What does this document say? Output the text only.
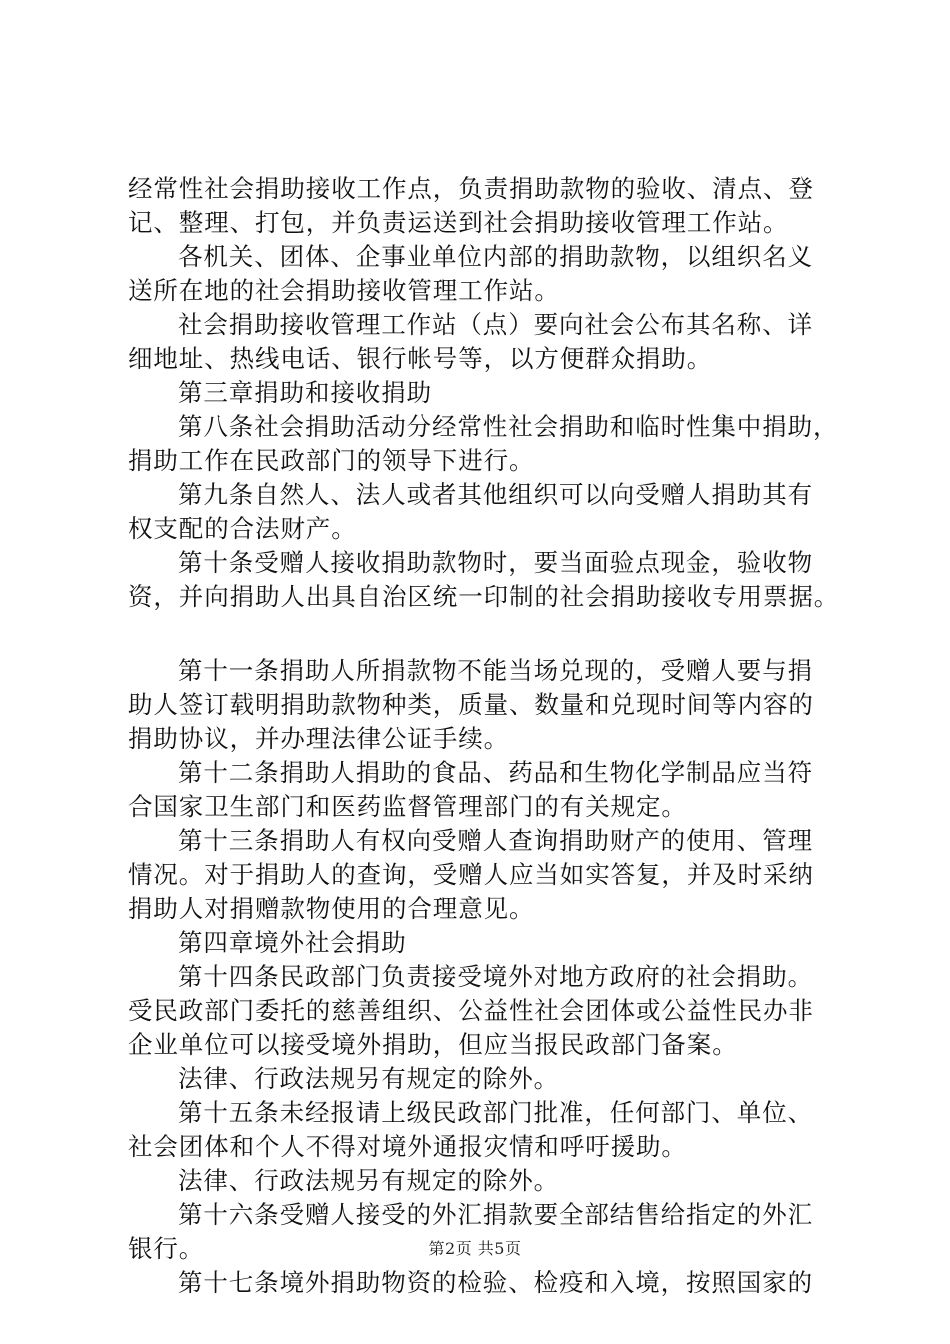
经常性社会捐助接收工作点，负责捐助款物的验收、清点、登
记、整理、打包，并负责运送到社会捐助接收管理工作站。
各机关、团体、企事业单位内部的捐助款物，以组织名义
送所在地的社会捐助接收管理工作站。
社会捐助接收管理工作站（点）要向社会公布其名称、详
细地址、热线电话、银行帐号等，以方便群众捐助。
第三章捐助和接收捐助
第八条社会捐助活动分经常性社会捐助和临时性集中捐助，
捐助工作在民政部门的领导下进行。
第九条自然人、法人或者其他组织可以向受赠人捐助其有
权支配的合法财产。
第十条受赠人接收捐助款物时，要当面验点现金，验收物
资，并向捐助人出具自治区统一印制的社会捐助接收专用票据。
第十一条捐助人所捐款物不能当场兑现的，受赠人要与捐
助人签订载明捐助款物种类，质量、数量和兑现时间等内容的
捐助协议，并办理法律公证手续。
第十二条捐助人捐助的食品、药品和生物化学制品应当符
合国家卫生部门和医药监督管理部门的有关规定。
第十三条捐助人有权向受赠人查询捐助财产的使用、管理
情况。对于捐助人的查询，受赠人应当如实答复，并及时采纳
捐助人对捐赠款物使用的合理意见。
第四章境外社会捐助
第十四条民政部门负责接受境外对地方政府的社会捐助。
受民政部门委托的慈善组织、公益性社会团体或公益性民办非
企业单位可以接受境外捐助，但应当报民政部门备案。
法律、行政法规另有规定的除外。
第十五条未经报请上级民政部门批准，任何部门、单位、
社会团体和个人不得对境外通报灾情和呼吁援助。
法律、行政法规另有规定的除外。
第十六条受赠人接受的外汇捐款要全部结售给指定的外汇
银行。
第十七条境外捐助物资的检验、检疫和入境，按照国家的
第2页 共5页
